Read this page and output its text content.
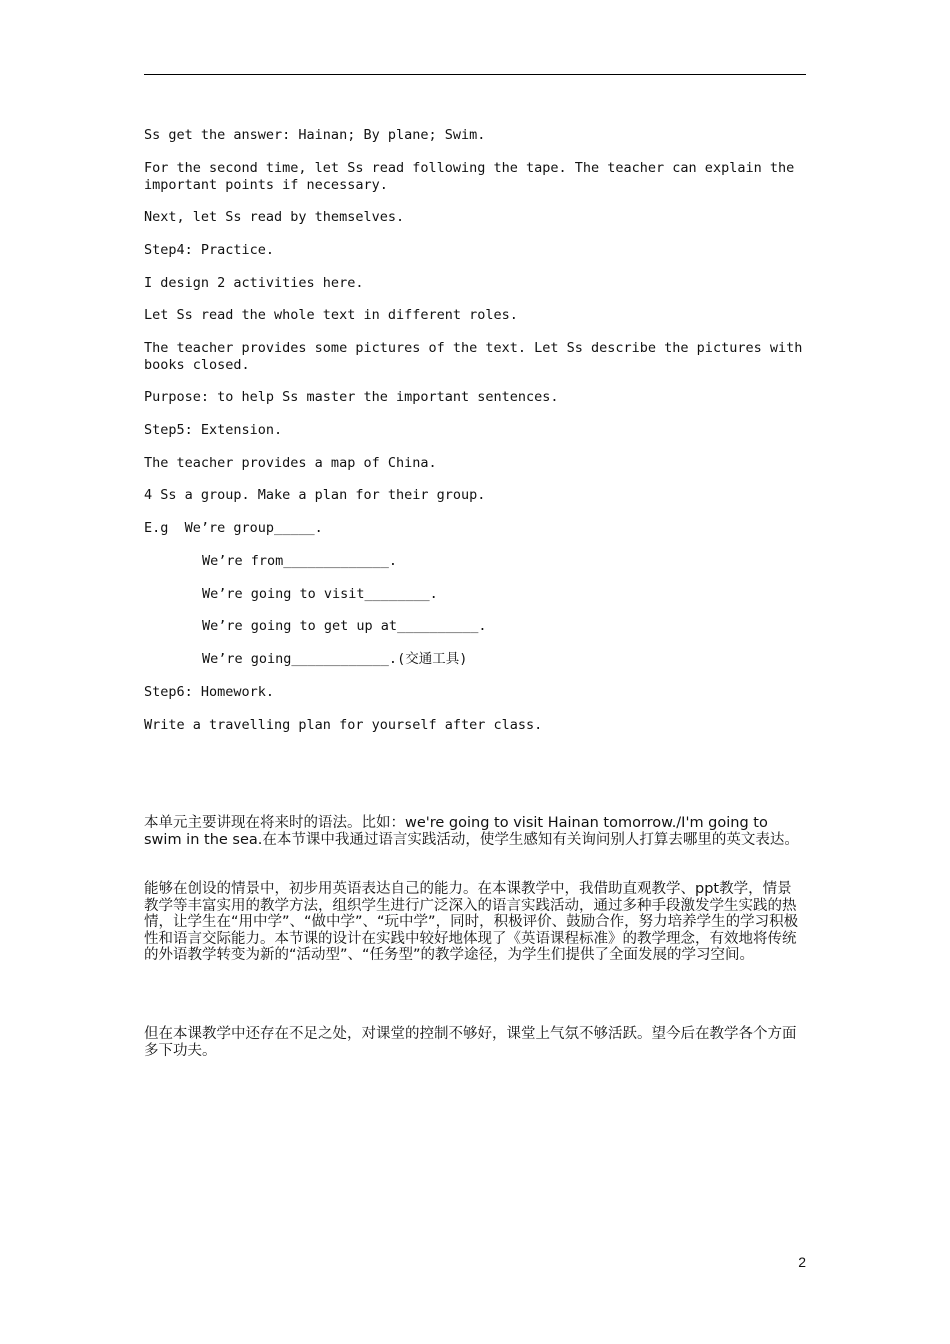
Ss get the answer: Hainan; By plane; Swim.
For the second time, let Ss read following the tape. The teacher can explain the important points if necessary.
Next, let Ss read by themselves.
Step4: Practice.
I design 2 activities here.
Let Ss read the whole text in different roles.
The teacher provides some pictures of the text. Let Ss describe the pictures with books closed.
Purpose: to help Ss master the important sentences.
Step5: Extension.
The teacher provides a map of China.
4 Ss a group. Make a plan for their group.
E.g  We’re group_____.
We’re from_____________.
We’re going to visit________.
We’re going to get up at__________.
We’re going____________.(交通工具)
Step6: Homework.
Write a travelling plan for yourself after class.
本单元主要讲现在将来时的语法。比如：we're going to visit Hainan tomorrow./I'm going to swim in the sea.在本节课中我通过语言实践活动，使学生感知有关询问别人打算去哪里的英文表达。
能够在创设的情景中，初步用英语表达自己的能力。在本课教学中，我借助直观教学、ppt教学，情景教学等丰富实用的教学方法，组织学生进行广泛深入的语言实践活动，通过多种手段激发学生实践的热情，让学生在“用中学”、“做中学”、“玩中学”，同时，积极评价、鼓励合作，努力培养学生的学习积极性和语言交际能力。本节课的设计在实践中较好地体现了《英语课程标准》的教学理念，有效地将传统的外语教学转变为新的“活动型”、“任务型”的教学途径，为学生们提供了全面发展的学习空间。
但在本课教学中还存在不足之处，对课堂的控制不够好，课堂上气氛不够活跃。望今后在教学各个方面多下功夫。
2
